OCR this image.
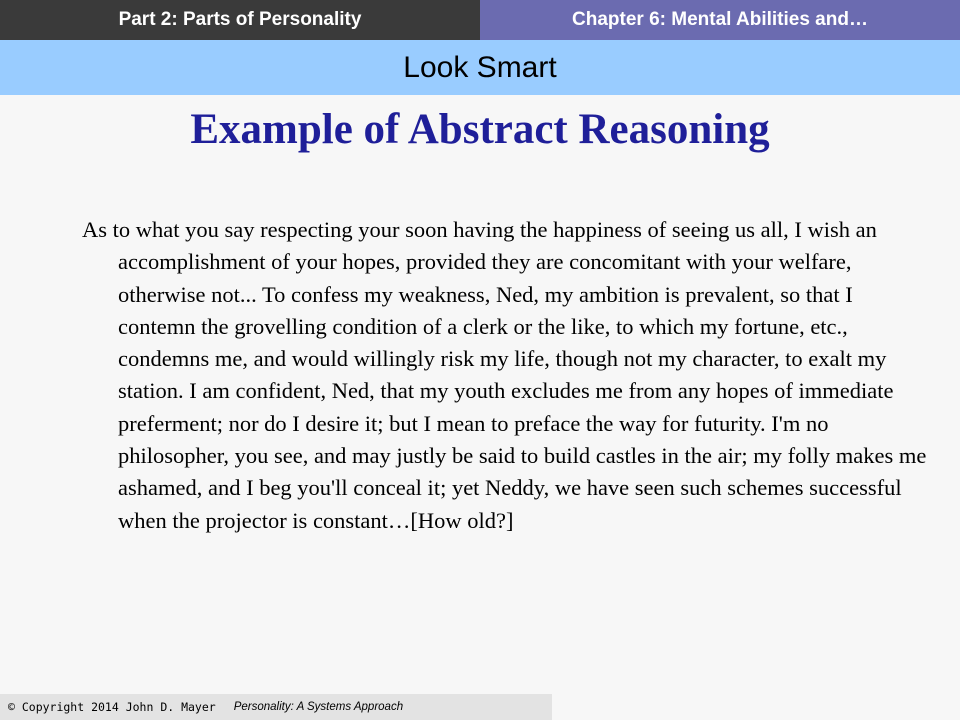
Part 2: Parts of Personality	Chapter 6: Mental Abilities and…
Look Smart
Example of Abstract Reasoning

As to what you say respecting your soon having the happiness of seeing us all, I wish an accomplishment of your hopes, provided they are concomitant with your welfare, otherwise not... To confess my weakness, Ned, my ambition is prevalent, so that I contemn the grovelling condition of a clerk or the like, to which my fortune, etc., condemns me, and would willingly risk my life, though not my character, to exalt my station. I am confident, Ned, that my youth excludes me from any hopes of immediate preferment; nor do I desire it; but I mean to preface the way for futurity. I'm no philosopher, you see, and may justly be said to build castles in the air; my folly makes me ashamed, and I beg you'll conceal it; yet Neddy, we have seen such schemes successful when the projector is constant…[How old?]

© Copyright 2014 John D. Mayer Personality: A Systems Approach
